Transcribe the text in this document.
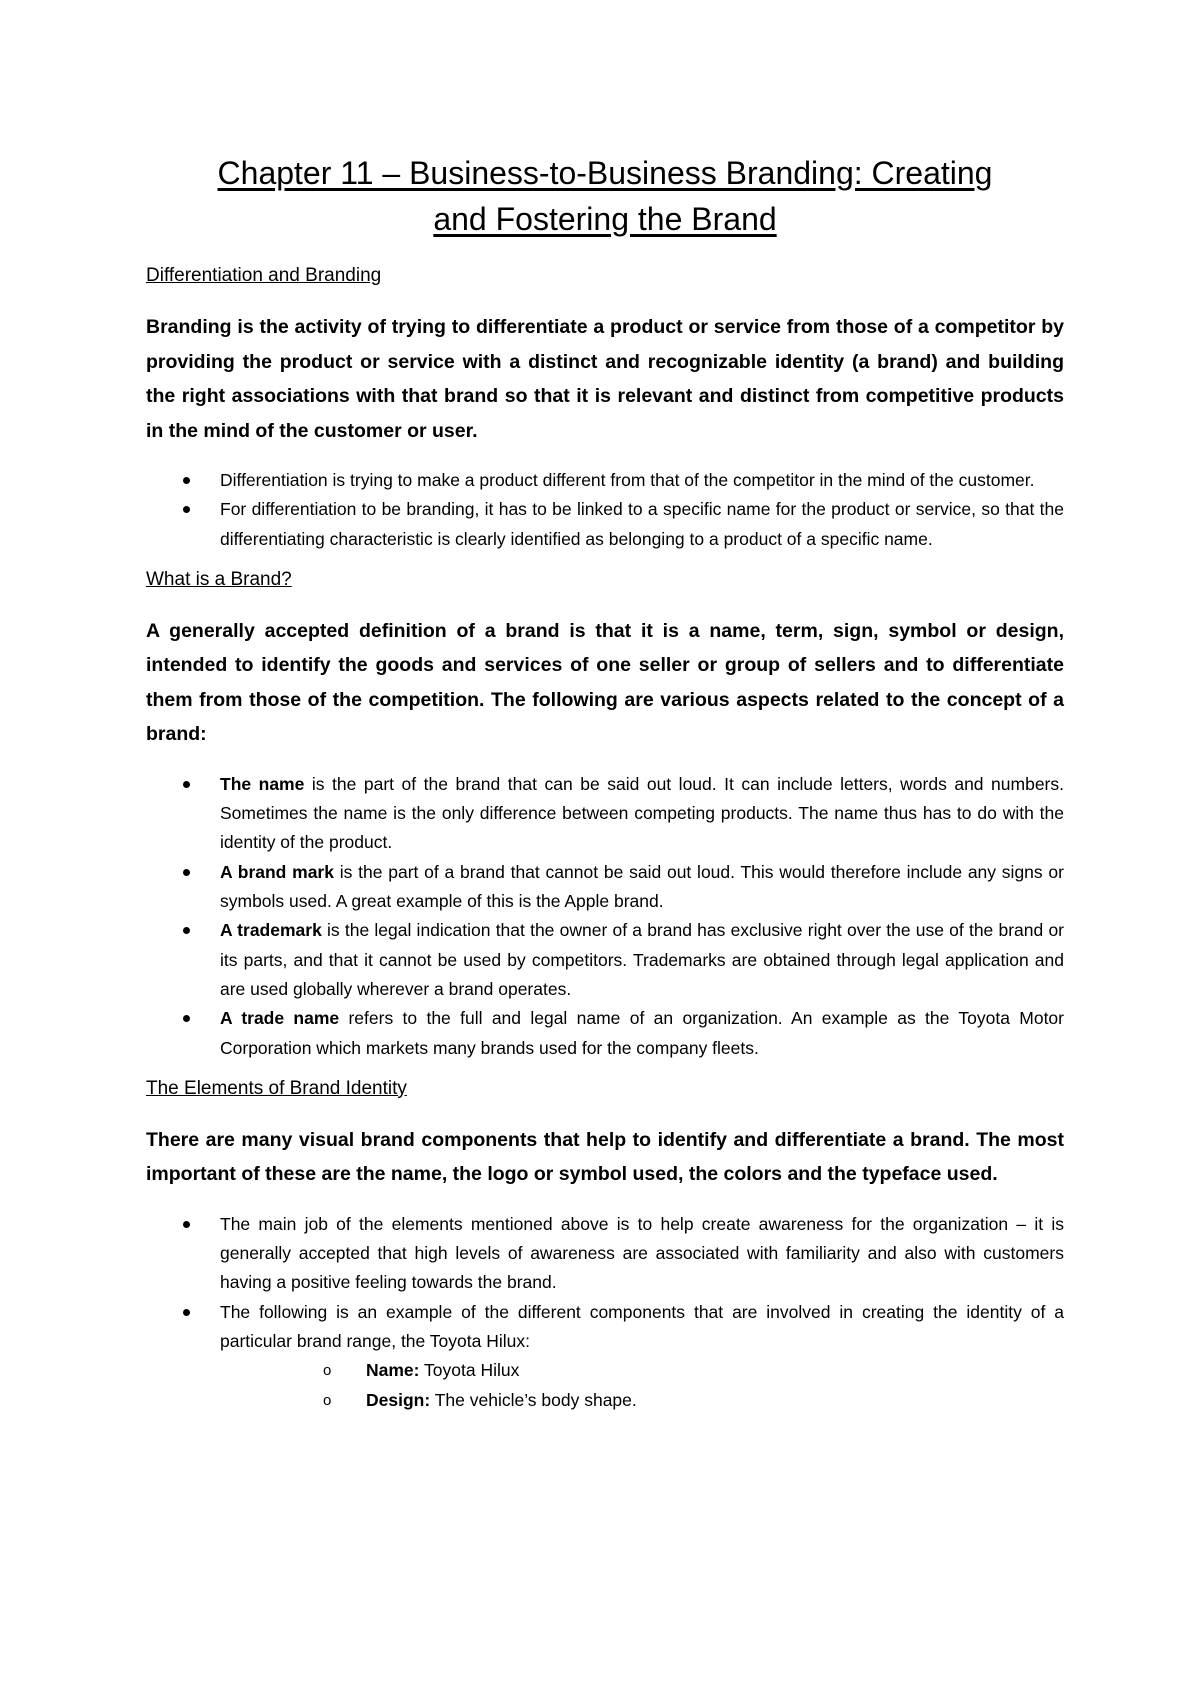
Chapter 11 – Business-to-Business Branding: Creating
and Fostering the Brand
Differentiation and Branding

Branding is the activity of trying to differentiate a product or service from those of a competitor by providing the product or service with a distinct and recognizable identity (a brand) and building the right associations with that brand so that it is relevant and distinct from competitive products in the mind of the customer or user.

Differentiation is trying to make a product different from that of the competitor in the mind of the customer.
For differentiation to be branding, it has to be linked to a specific name for the product or service, so that the differentiating characteristic is clearly identified as belonging to a product of a specific name.
What is a Brand?

A generally accepted definition of a brand is that it is a name, term, sign, symbol or design, intended to identify the goods and services of one seller or group of sellers and to differentiate them from those of the competition. The following are various aspects related to the concept of a brand:

The name is the part of the brand that can be said out loud. It can include letters, words and numbers. Sometimes the name is the only difference between competing products. The name thus has to do with the identity of the product.
A brand mark is the part of a brand that cannot be said out loud. This would therefore include any signs or symbols used. A great example of this is the Apple brand.
A trademark is the legal indication that the owner of a brand has exclusive right over the use of the brand or its parts, and that it cannot be used by competitors. Trademarks are obtained through legal application and are used globally wherever a brand operates.
A trade name refers to the full and legal name of an organization. An example as the Toyota Motor Corporation which markets many brands used for the company fleets.
The Elements of Brand Identity

There are many visual brand components that help to identify and differentiate a brand. The most important of these are the name, the logo or symbol used, the colors and the typeface used.

The main job of the elements mentioned above is to help create awareness for the organization – it is generally accepted that high levels of awareness are associated with familiarity and also with customers having a positive feeling towards the brand.
The following is an example of the different components that are involved in creating the identity of a particular brand range, the Toyota Hilux:
o Name: Toyota Hilux
o Design: The vehicle’s body shape.
